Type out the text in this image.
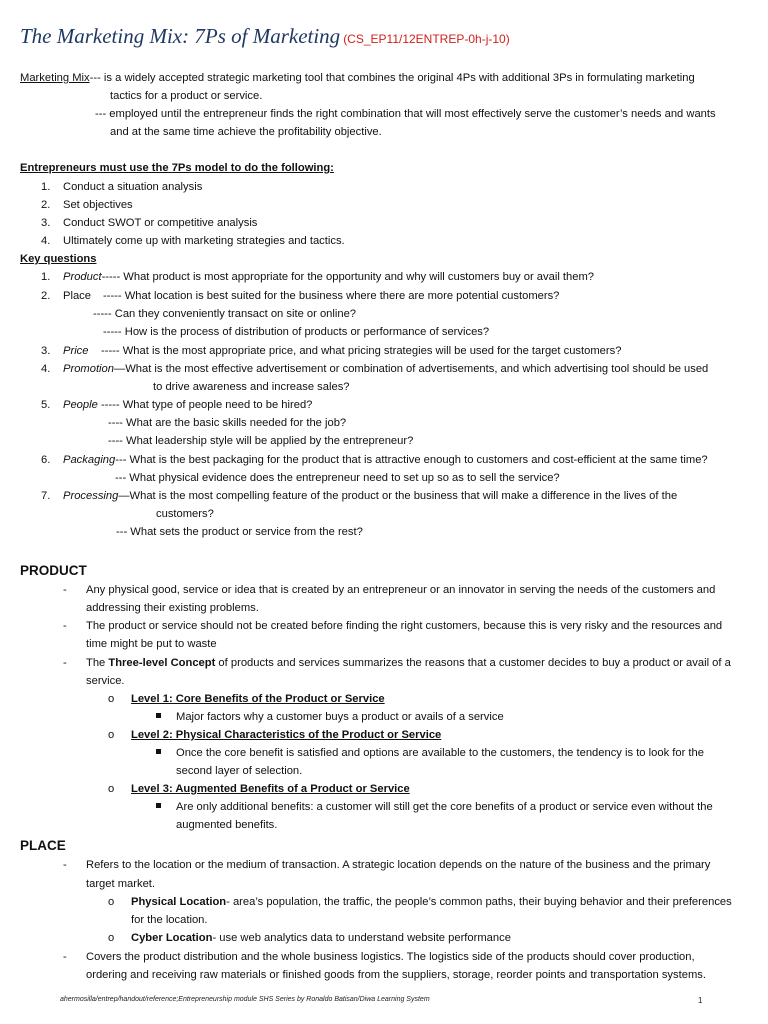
The Marketing Mix: 7Ps of Marketing (CS_EP11/12ENTREP-0h-j-10)
Marketing Mix--- is a widely accepted strategic marketing tool that combines the original 4Ps with additional 3Ps in formulating marketing
tactics for a product or service.
--- employed until the entrepreneur finds the right combination that will most effectively serve the customer’s needs and wants
and at the same time achieve the profitability objective.
Entrepreneurs must use the 7Ps model to do the following:
1. Conduct a situation analysis
2. Set objectives
3. Conduct SWOT or competitive analysis
4. Ultimately come up with marketing strategies and tactics.
Key questions
1. Product----- What product is most appropriate for the opportunity and why will customers buy or avail them?
2. Place ----- What location is best suited for the business where there are more potential customers?
----- Can they conveniently transact on site or online?
----- How is the process of distribution of products or performance of services?
3. Price ----- What is the most appropriate price, and what pricing strategies will be used for the target customers?
4. Promotion—What is the most effective advertisement or combination of advertisements, and which advertising tool should be used
to drive awareness and increase sales?
5. People ----- What type of people need to be hired?
---- What are the basic skills needed for the job?
---- What leadership style will be applied by the entrepreneur?
6. Packaging--- What is the best packaging for the product that is attractive enough to customers and cost-efficient at the same time?
--- What physical evidence does the entrepreneur need to set up so as to sell the service?
7. Processing—What is the most compelling feature of the product or the business that will make a difference in the lives of the
customers?
--- What sets the product or service from the rest?
PRODUCT
- Any physical good, service or idea that is created by an entrepreneur or an innovator in serving the needs of the customers and
addressing their existing problems.
- The product or service should not be created before finding the right customers, because this is very risky and the resources and
time might be put to waste
- The Three-level Concept of products and services summarizes the reasons that a customer decides to buy a product or avail of a
service.
o Level 1: Core Benefits of the Product or Service
Major factors why a customer buys a product or avails of a service
o Level 2: Physical Characteristics of the Product or Service
Once the core benefit is satisfied and options are available to the customers, the tendency is to look for the
second layer of selection.
o Level 3: Augmented Benefits of a Product or Service
Are only additional benefits: a customer will still get the core benefits of a product or service even without the
augmented benefits.
PLACE
- Refers to the location or the medium of transaction. A strategic location depends on the nature of the business and the primary
target market.
o Physical Location- area’s population, the traffic, the people’s common paths, their buying behavior and their preferences
for the location.
o Cyber Location- use web analytics data to understand website performance
- Covers the product distribution and the whole business logistics. The logistics side of the products should cover production,
ordering and receiving raw materials or finished goods from the suppliers, storage, reorder points and transportation systems.
ahermosilla/entrep/handout/reference;Entrepreneurship module SHS Series by Ronaldo Batisan/Diwa Learning System	1
